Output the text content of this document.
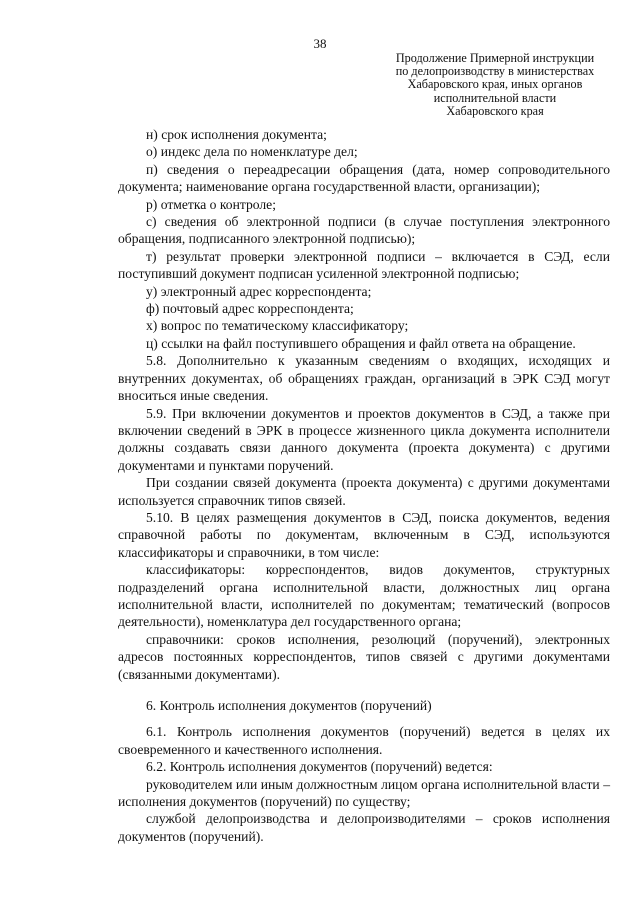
38
Продолжение Примерной инструкции
по делопроизводству в министерствах
Хабаровского края, иных органов
исполнительной власти
Хабаровского края

н) срок исполнения документа;

о) индекс дела по номенклатуре дел;

п) сведения о переадресации обращения (дата, номер сопроводительного документа; наименование органа государственной власти, организации);

р) отметка о контроле;

с) сведения об электронной подписи (в случае поступления электронного обращения, подписанного электронной подписью);

т) результат проверки электронной подписи – включается в СЭД, если поступивший документ подписан усиленной электронной подписью;

у) электронный адрес корреспондента;

ф) почтовый адрес корреспондента;

х) вопрос по тематическому классификатору;

ц) ссылки на файл поступившего обращения и файл ответа на обращение.

5.8. Дополнительно к указанным сведениям о входящих, исходящих и внутренних документах, об обращениях граждан, организаций в ЭРК СЭД могут вноситься иные сведения.

5.9. При включении документов и проектов документов в СЭД, а также при включении сведений в ЭРК в процессе жизненного цикла документа исполнители должны создавать связи данного документа (проекта документа) с другими документами и пунктами поручений.

При создании связей документа (проекта документа) с другими документами используется справочник типов связей.

5.10. В целях размещения документов в СЭД, поиска документов, ведения справочной работы по документам, включенным в СЭД, используются классификаторы и справочники, в том числе:

классификаторы: корреспондентов, видов документов, структурных подразделений органа исполнительной власти, должностных лиц органа исполнительной власти, исполнителей по документам; тематический (вопросов деятельности), номенклатура дел государственного органа;

справочники: сроков исполнения, резолюций (поручений), электронных адресов постоянных корреспондентов, типов связей с другими документами (связанными документами).

6. Контроль исполнения документов (поручений)

6.1. Контроль исполнения документов (поручений) ведется в целях их своевременного и качественного исполнения.

6.2. Контроль исполнения документов (поручений) ведется:

руководителем или иным должностным лицом органа исполнительной власти – исполнения документов (поручений) по существу;

службой делопроизводства и делопроизводителями – сроков исполнения документов (поручений).
